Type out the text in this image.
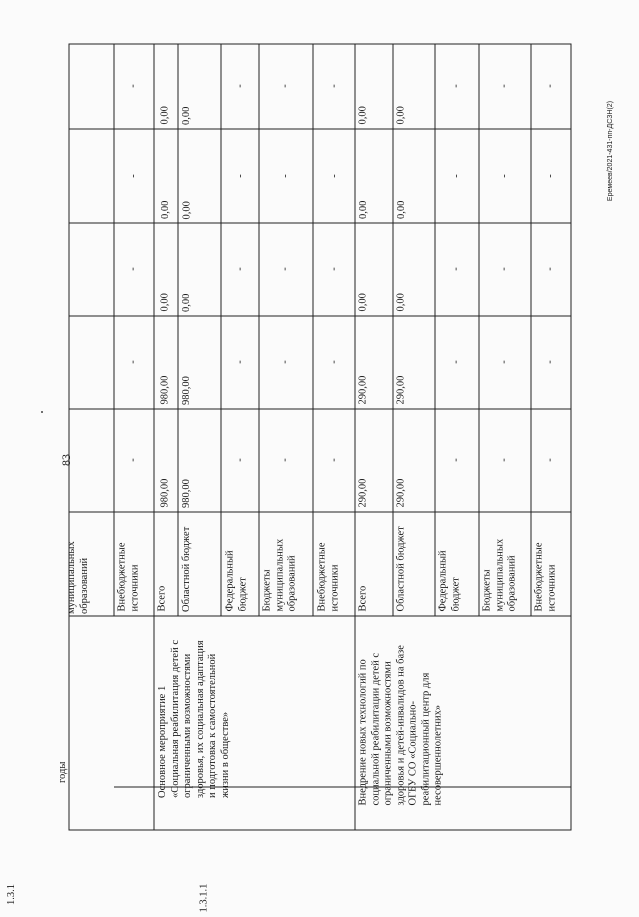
83
Еремеев/2021-431-пп-ДСЗН(2)
годы
муниципальных образований	Внебюджетные источники
-
-
-
-
-
1.3.1
Основное мероприятие 1 «Социальная реабилитация детей с ограниченными возможностями здоровья, их социальная адаптация и подготовка к самостоятельной жизни в обществе»
Всего
980,00
980,00
0,00
0,00
0,00
Областной бюджет
980,00
980,00
0,00
0,00
0,00
Федеральный бюджет
-
-
-
-
-
Бюджеты муниципальных образований
-
-
-
-
-
Внебюджетные источники
-
-
-
-
-
1.3.1.1
Внедрение новых технологий по социальной реабилитации детей с ограниченными возможностями здоровья и детей-инвалидов на базе ОГБУ СО «Социально-реабилитационный центр для несовершеннолетних»
Всего
290,00
290,00
0,00
0,00
0,00
Областной бюджет
290,00
290,00
0,00
0,00
0,00
Федеральный бюджет
-
-
-
-
-
Бюджеты муниципальных образований
-
-
-
-
-
Внебюджетные источники
-
-
-
-
-
